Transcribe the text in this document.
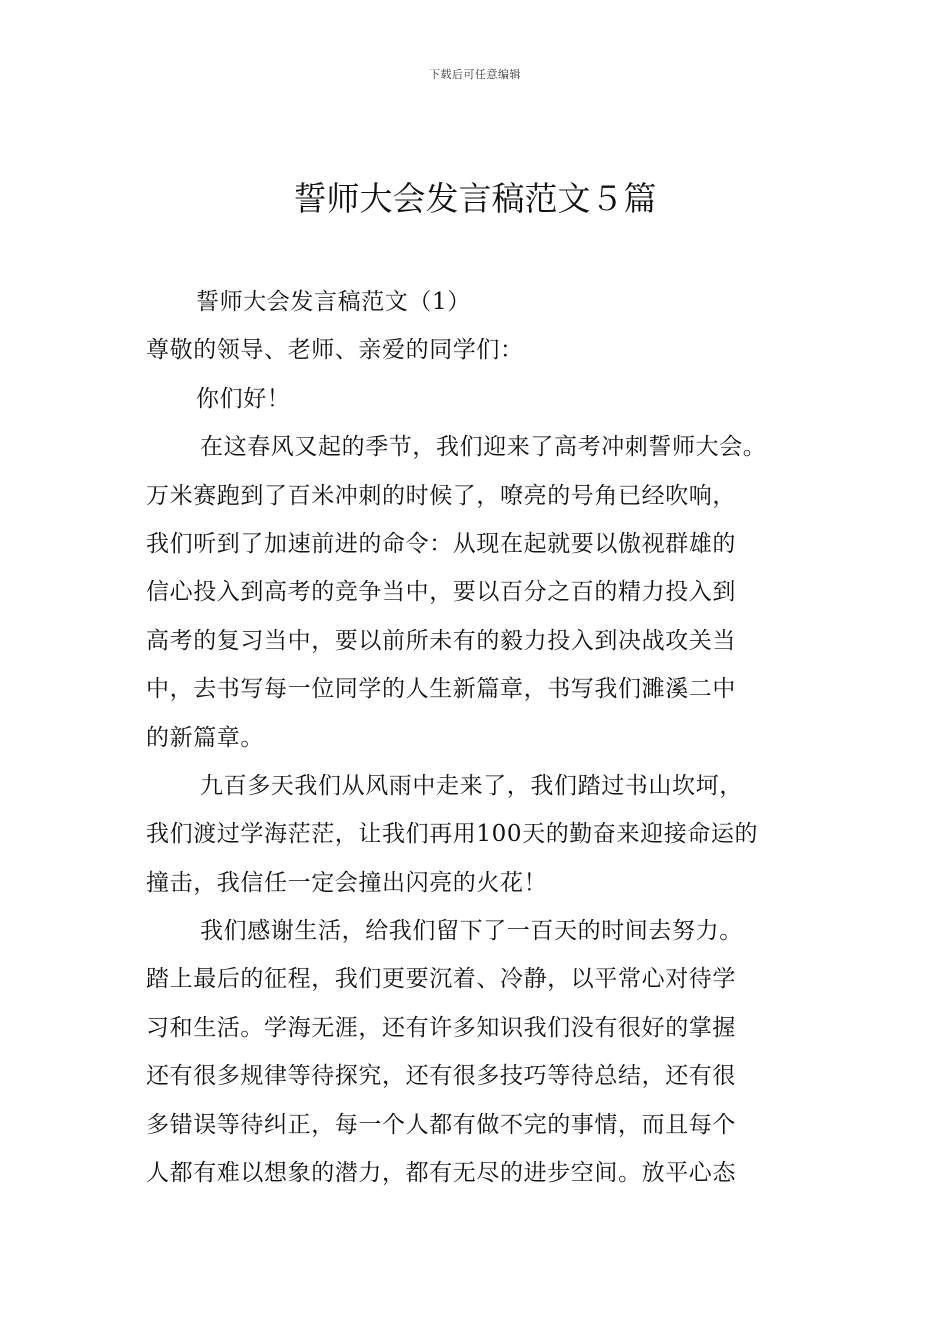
下载后可任意编辑
誓师大会发言稿范文５篇
誓师大会发言稿范文（1）
尊敬的领导、老师、亲爱的同学们：
你们好！
在这春风又起的季节，我们迎来了高考冲刺誓师大会。
万米赛跑到了百米冲刺的时候了，嘹亮的号角已经吹响，
我们听到了加速前进的命令：从现在起就要以傲视群雄的
信心投入到高考的竞争当中，要以百分之百的精力投入到
高考的复习当中，要以前所未有的毅力投入到决战攻关当
中，去书写每一位同学的人生新篇章，书写我们濉溪二中
的新篇章。
九百多天我们从风雨中走来了，我们踏过书山坎坷，
我们渡过学海茫茫，让我们再用100天的勤奋来迎接命运的
撞击，我信任一定会撞出闪亮的火花！
我们感谢生活，给我们留下了一百天的时间去努力。
踏上最后的征程，我们更要沉着、冷静，以平常心对待学
习和生活。学海无涯，还有许多知识我们没有很好的掌握
还有很多规律等待探究，还有很多技巧等待总结，还有很
多错误等待纠正，每一个人都有做不完的事情，而且每个
人都有难以想象的潜力，都有无尽的进步空间。放平心态
